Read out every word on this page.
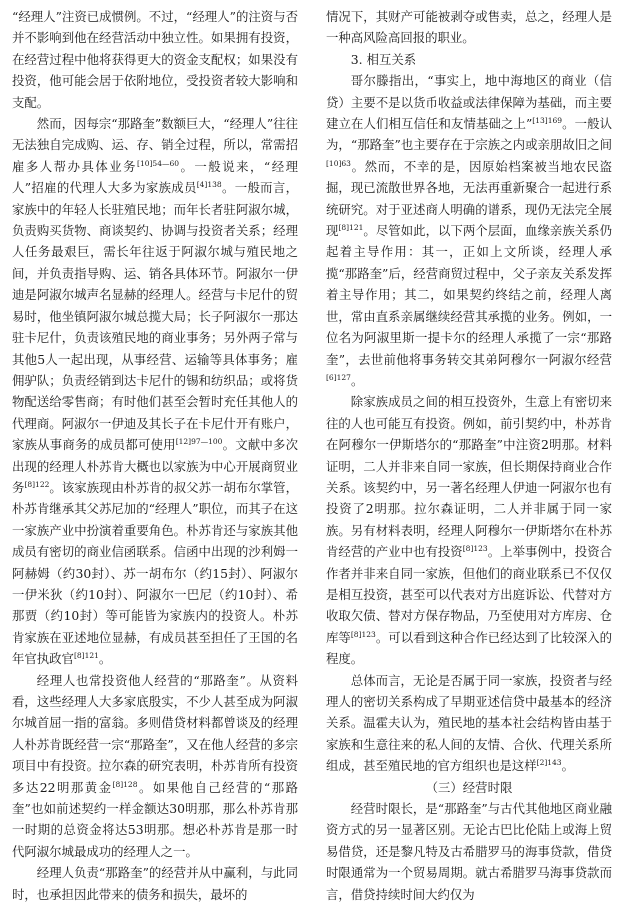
“经理人”注资已成惯例。不过，“经理人”的注资与否并不影响到他在经营活动中独立性。如果拥有投资，在经营过程中他将获得更大的资金支配权；如果没有投资，他可能会居于依附地位，受投资者较大影响和支配。

然而，因每宗“那路奎”数额巨大，“经理人”往往无法独自完成购、运、存、销全过程，所以，常需招雇多人帮办具体业务$^{[10]54—60}$。一般说来，“经理人”招雇的代理人大多为家族成员$^{[4]138}$。一般而言，家族中的年轻人长驻殖民地；而年长者驻阿淑尔城，负责购买货物、商谈契约、协调与投资者关系；经理人任务最艰巨，需长年往返于阿淑尔城与殖民地之间，并负责指导购、运、销各具体环节。阿淑尔一伊迪是阿淑尔城声名显赫的经理人。经营与卡尼什的贸易时，他坐镇阿淑尔城总揽大局；长子阿淑尔一那达驻卡尼什，负责该殖民地的商业事务；另外两子常与其他5人一起出现，从事经营、运输等具体事务；雇佣驴队；负责经销到达卡尼什的锡和纺织品；或将货物配送给零售商；有时他们甚至会暂时充任其他人的代理商。阿淑尔一伊迪及其长子在卡尼什开有账户，家族从事商务的成员都可使用$^{[12]97—100}$。文献中多次出现的经理人朴苏肯大概也以家族为中心开展商贸业务$^{[8]122}$。该家族现由朴苏肯的叔父苏一胡布尔掌管，朴苏肯继承其父苏尼加的“经理人”职位，而其子在这一家族产业中扮演着重要角色。朴苏肯还与家族其他成员有密切的商业信函联系。信函中出现的沙利姆一阿赫姆（约30封）、苏一胡布尔（约15封）、阿淑尔一伊米狄（约10封）、阿淑尔一巴尼（约10封）、希那贾（约10封）等可能皆为家族内的投资人。朴苏肯家族在亚述地位显赫，有成员甚至担任了王国的名年官执政官$^{[8]121}$。

经理人也常投资他人经营的“那路奎”。从资料看，这些经理人大多家底殷实，不少人甚至成为阿淑尔城首屈一指的富翁。多则借贷材料都曾谈及的经理人朴苏肯既经营一宗“那路奎”，又在他人经营的多宗项目中有投资。拉尔森的研究表明，朴苏肯所有投资多达22明那黄金$^{[8]128}$。如果他自己经营的“那路奎”也如前述契约一样金额达30明那，那么朴苏肯那一时期的总资金将达53明那。想必朴苏肯是那一时代阿淑尔城最成功的经理人之一。

经理人负责“那路奎”的经营并从中赢利，与此同时，也承担因此带来的债务和损失，最坏的

情况下，其财产可能被剥夺或售卖，总之，经理人是一种高风险高回报的职业。

3. 相互关系

哥尔滕指出，“事实上，地中海地区的商业（信贷）主要不是以货币收益或法律保障为基础，而主要建立在人们相互信任和友情基础之上”$^{[13]169}$。一般认为，“那路奎”也主要存在于宗族之内或亲朋故旧之间$^{[10]63}$。然而，不幸的是，因原始档案被当地农民盗掘，现已流散世界各地，无法再重新聚合一起进行系统研究。对于亚述商人明确的谱系，现仍无法完全展现$^{[8]121}$。尽管如此，以下两个层面，血缘亲族关系仍起着主导作用：其一，正如上文所谈，经理人承揽“那路奎”后，经营商贸过程中，父子亲友关系发挥着主导作用；其二，如果契约终结之前，经理人离世，常由直系亲属继续经营其承揽的业务。例如，一位名为阿淑里斯一提卡尔的经理人承揽了一宗“那路奎”，去世前他将事务转交其弟阿穆尔一阿淑尔经营$^{[6]127}$。

除家族成员之间的相互投资外，生意上有密切来往的人也可能互有投资。例如，前引契约中，朴苏肯在阿穆尔一伊斯塔尔的“那路奎”中注资2明那。材料证明，二人并非来自同一家族，但长期保持商业合作关系。该契约中，另一著名经理人伊迪一阿淑尔也有投资了2明那。拉尔森证明，二人并非属于同一家族。另有材料表明，经理人阿穆尔一伊斯塔尔在朴苏肯经营的产业中也有投资$^{[8]123}$。上举事例中，投资合作者并非来自同一家族，但他们的商业联系已不仅仅是相互投资，甚至可以代表对方出庭诉讼、代替对方收取欠债、替对方保存物品，乃至使用对方库房、仓库等$^{[8]123}$。可以看到这种合作已经达到了比较深入的程度。

总体而言，无论是否属于同一家族，投资者与经理人的密切关系构成了早期亚述信贷中最基本的经济关系。温霍夫认为，殖民地的基本社会结构皆由基于家族和生意往来的私人间的友情、合伙、代理关系所组成，甚至殖民地的官方组织也是这样$^{[2]143}$。

（三）经营时限

经营时限长，是“那路奎”与古代其他地区商业融资方式的另一显著区别。无论古巴比伦陆上或海上贸易借贷，还是黎凡特及古希腊罗马的海事贷款，借贷时限通常为一个贸易周期。就古希腊罗马海事贷款而言，借贷持续时间大约仅为
